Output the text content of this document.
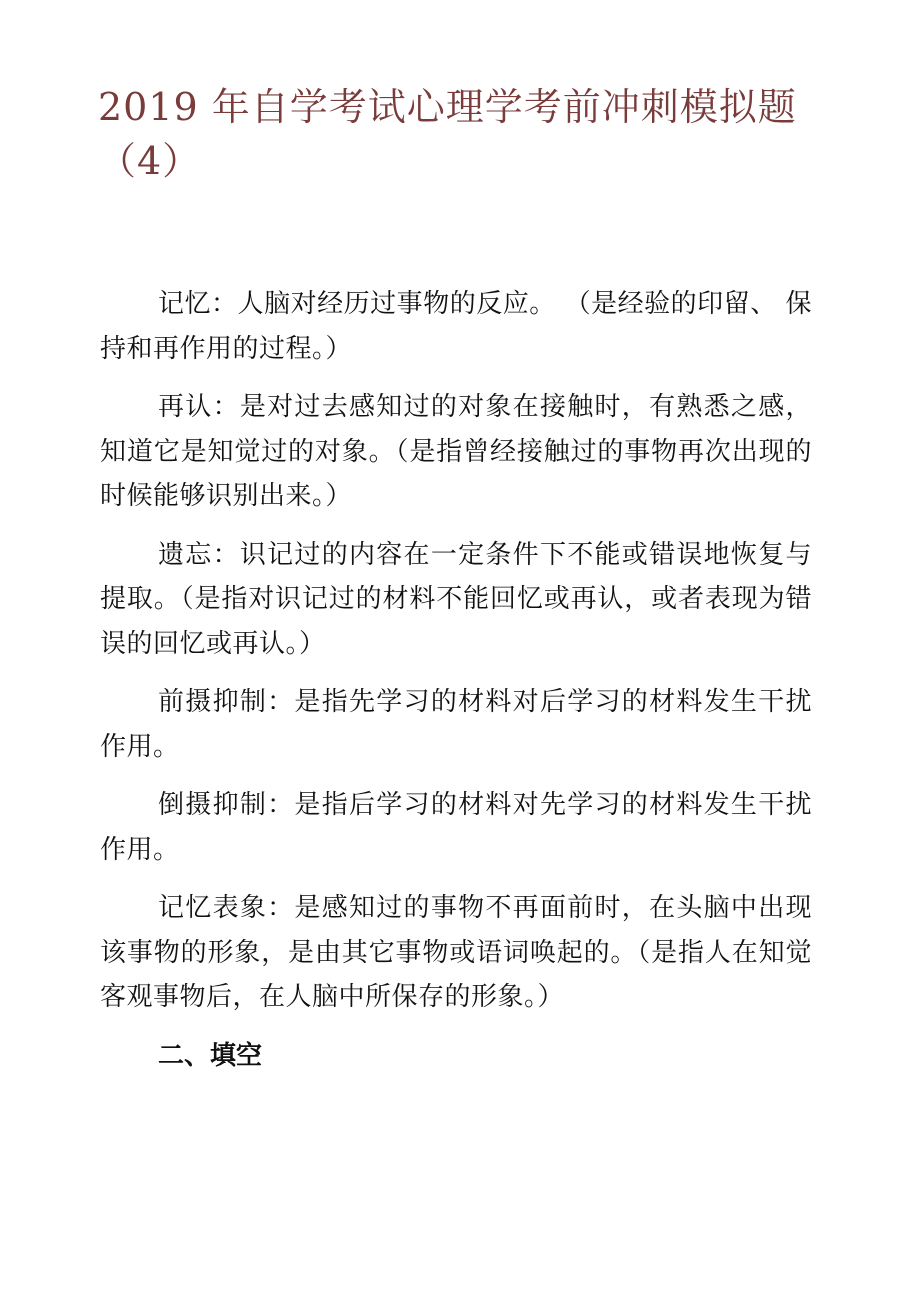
2019 年自学考试心理学考前冲刺模拟题
（4）

记忆：人脑对经历过事物的反应。 （是经验的印留、 保持和再作用的过程。）

再认：是对过去感知过的对象在接触时，有熟悉之感，知道它是知觉过的对象。（是指曾经接触过的事物再次出现的时候能够识别出来。）

遗忘：识记过的内容在一定条件下不能或错误地恢复与提取。（是指对识记过的材料不能回忆或再认，或者表现为错误的回忆或再认。）

前摄抑制：是指先学习的材料对后学习的材料发生干扰作用。

倒摄抑制：是指后学习的材料对先学习的材料发生干扰作用。

记忆表象：是感知过的事物不再面前时，在头脑中出现该事物的形象，是由其它事物或语词唤起的。（是指人在知觉客观事物后，在人脑中所保存的形象。）

二、填空
